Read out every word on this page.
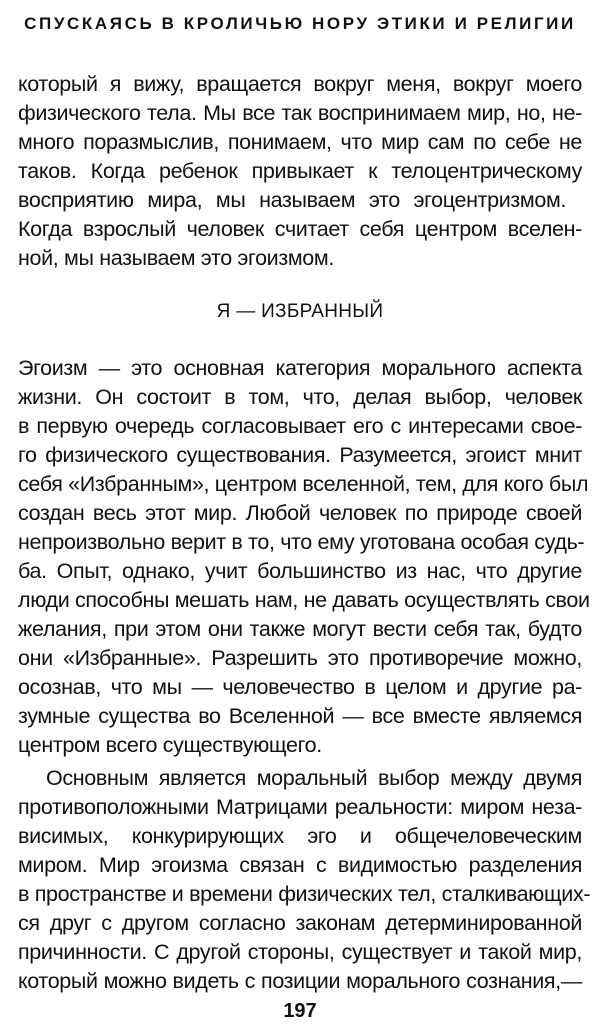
СПУСКАЯСЬ В КРОЛИЧЬЮ НОРУ ЭТИКИ И РЕЛИГИИ
который я вижу, вращается вокруг меня, вокруг моего
физического тела. Мы все так воспринимаем мир, но, не-
много поразмыслив, понимаем, что мир сам по себе не
таков. Когда ребенок привыкает к телоцентрическому
восприятию мира, мы называем это эгоцентризмом.
Когда взрослый человек считает себя центром вселен-
ной, мы называем это эгоизмом.
Я — ИЗБРАННЫЙ
Эгоизм — это основная категория морального аспекта
жизни. Он состоит в том, что, делая выбор, человек
в первую очередь согласовывает его с интересами свое-
го физического существования. Разумеется, эгоист мнит
себя «Избранным», центром вселенной, тем, для кого был
создан весь этот мир. Любой человек по природе своей
непроизвольно верит в то, что ему уготована особая судь-
ба. Опыт, однако, учит большинство из нас, что другие
люди способны мешать нам, не давать осуществлять свои
желания, при этом они также могут вести себя так, будто
они «Избранные». Разрешить это противоречие можно,
осознав, что мы — человечество в целом и другие ра-
зумные существа во Вселенной — все вместе являемся
центром всего существующего.
Основным является моральный выбор между двумя
противоположными Матрицами реальности: миром неза-
висимых, конкурирующих эго и общечеловеческим
миром. Мир эгоизма связан с видимостью разделения
в пространстве и времени физических тел, сталкивающих-
ся друг с другом согласно законам детерминированной
причинности. С другой стороны, существует и такой мир,
который можно видеть с позиции морального сознания,—
197
